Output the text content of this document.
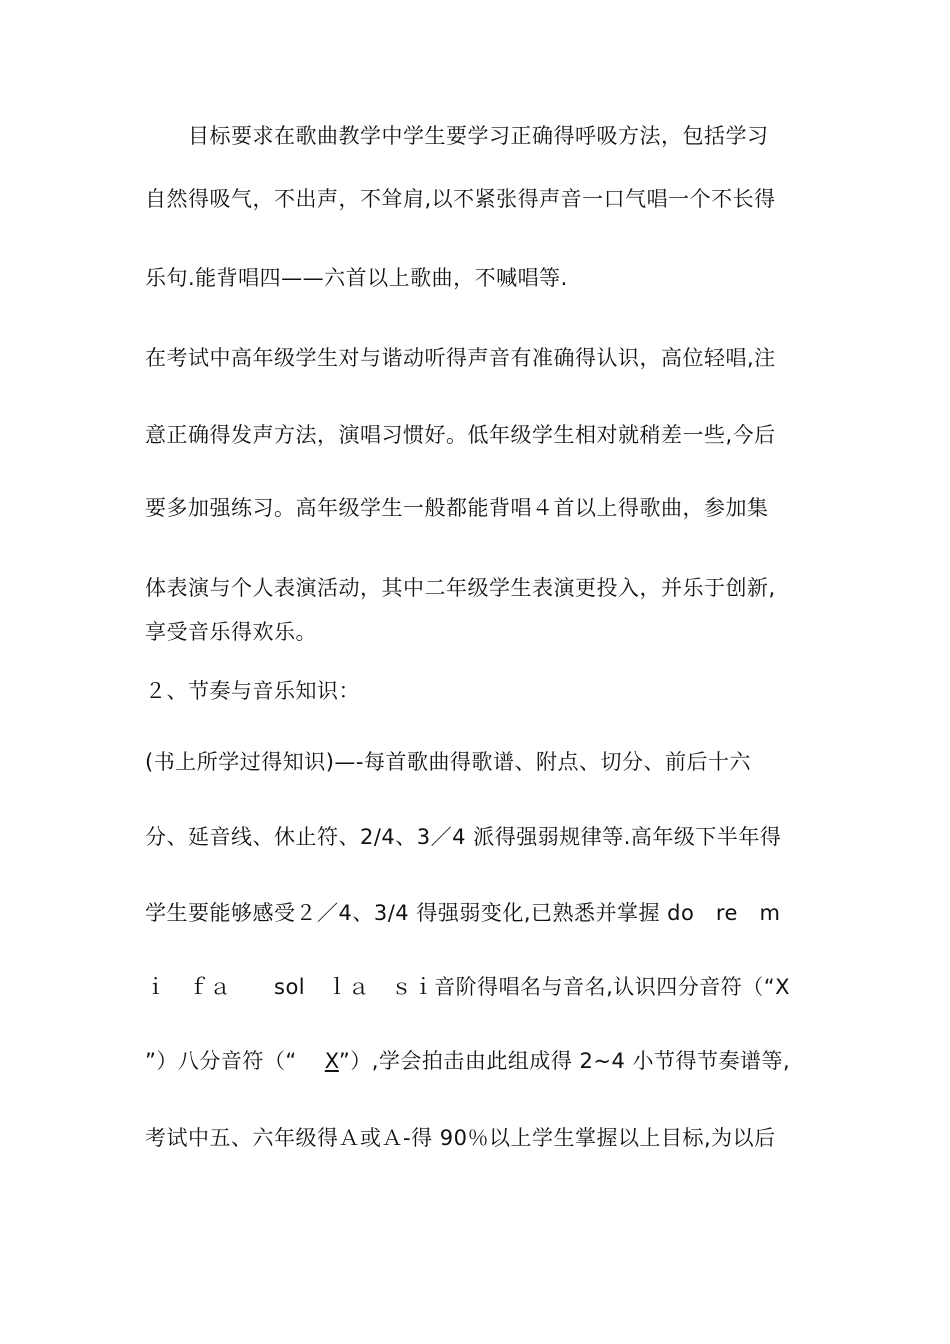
　　目标要求在歌曲教学中学生要学习正确得呼吸方法，包括学习
自然得吸气，不出声，不耸肩,以不紧张得声音一口气唱一个不长得
乐句.能背唱四——六首以上歌曲，不喊唱等.
在考试中高年级学生对与谐动听得声音有准确得认识，高位轻唱,注
意正确得发声方法，演唱习惯好。低年级学生相对就稍差一些,今后
要多加强练习。高年级学生一般都能背唱４首以上得歌曲，参加集
体表演与个人表演活动，其中二年级学生表演更投入，并乐于创新,
享受音乐得欢乐。
２、节奏与音乐知识：
(书上所学过得知识)—-每首歌曲得歌谱、附点、切分、前后十六
分、延音线、休止符、2/4、3／4 派得强弱规律等.高年级下半年得
学生要能够感受２／4、3/4 得强弱变化,已熟悉并掌握 do　re　m
ｉ　ｆａ　　sol　ｌａ　ｓｉ音阶得唱名与音名,认识四分音符（“X
”）八分音符（“ X”）,学会拍击由此组成得 2~4 小节得节奏谱等,
考试中五、六年级得Ａ或Ａ-得 90％以上学生掌握以上目标,为以后
